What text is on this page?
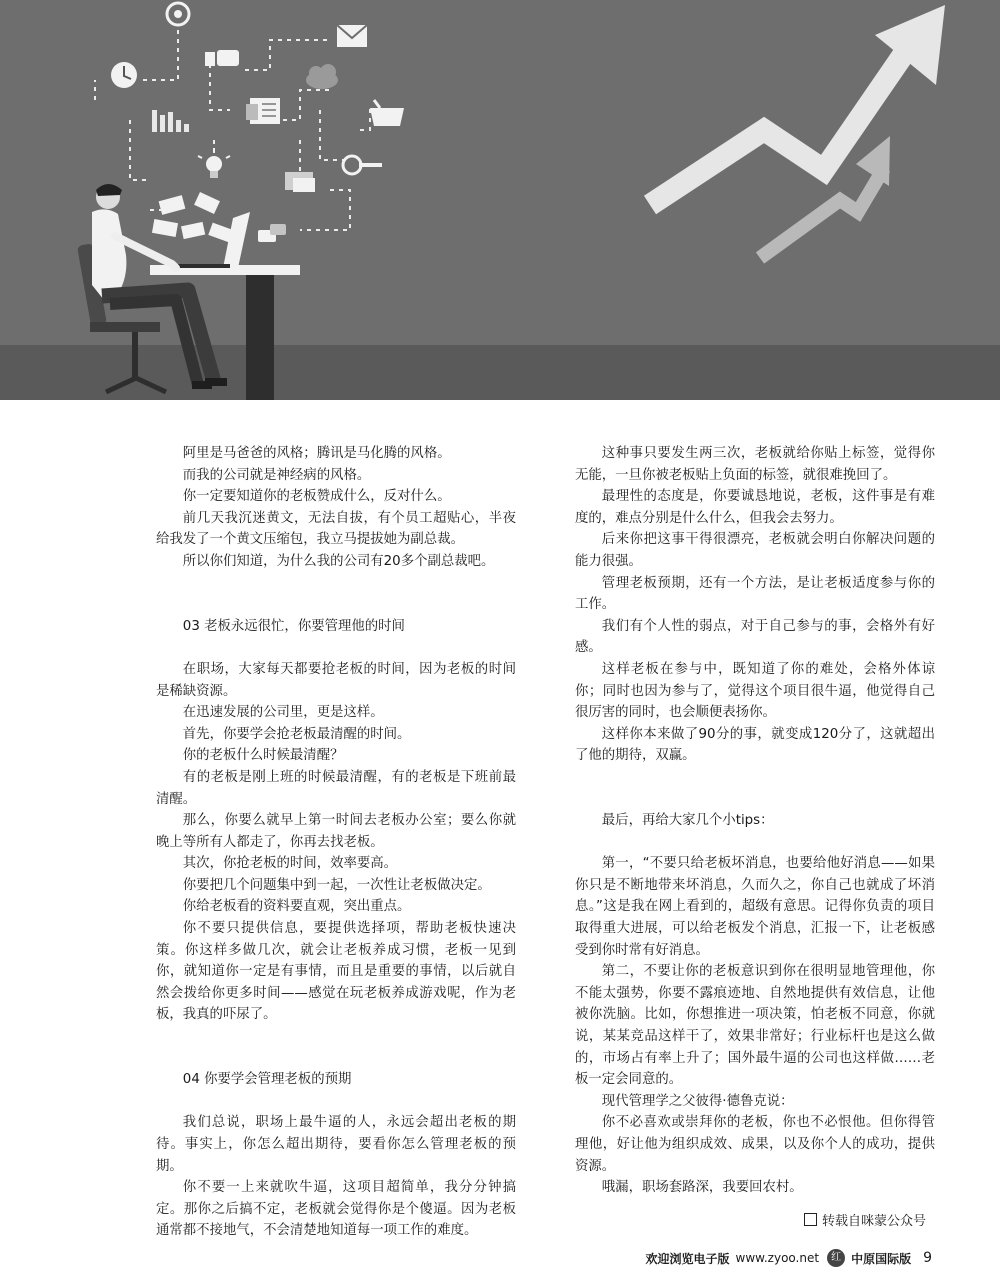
阿里是马爸爸的风格；腾讯是马化腾的风格。

而我的公司就是神经病的风格。

你一定要知道你的老板赞成什么，反对什么。

前几天我沉迷黄文，无法自拔，有个员工超贴心，半夜给我发了一个黄文压缩包，我立马提拔她为副总裁。

所以你们知道，为什么我的公司有20多个副总裁吧。

03 老板永远很忙，你要管理他的时间

在职场，大家每天都要抢老板的时间，因为老板的时间是稀缺资源。

在迅速发展的公司里，更是这样。

首先，你要学会抢老板最清醒的时间。

你的老板什么时候最清醒？

有的老板是刚上班的时候最清醒，有的老板是下班前最清醒。

那么，你要么就早上第一时间去老板办公室；要么你就晚上等所有人都走了，你再去找老板。

其次，你抢老板的时间，效率要高。

你要把几个问题集中到一起，一次性让老板做决定。

你给老板看的资料要直观，突出重点。

你不要只提供信息，要提供选择项，帮助老板快速决策。你这样多做几次，就会让老板养成习惯，老板一见到你，就知道你一定是有事情，而且是重要的事情，以后就自然会拨给你更多时间——感觉在玩老板养成游戏呢，作为老板，我真的吓尿了。

04 你要学会管理老板的预期

我们总说，职场上最牛逼的人，永远会超出老板的期待。事实上，你怎么超出期待，要看你怎么管理老板的预期。

你不要一上来就吹牛逼，这项目超简单，我分分钟搞定。那你之后搞不定，老板就会觉得你是个傻逼。因为老板通常都不接地气，不会清楚地知道每一项工作的难度。

这种事只要发生两三次，老板就给你贴上标签，觉得你无能，一旦你被老板贴上负面的标签，就很难挽回了。

最理性的态度是，你要诚恳地说，老板，这件事是有难度的，难点分别是什么什么，但我会去努力。

后来你把这事干得很漂亮，老板就会明白你解决问题的能力很强。

管理老板预期，还有一个方法，是让老板适度参与你的工作。

我们有个人性的弱点，对于自己参与的事，会格外有好感。

这样老板在参与中，既知道了你的难处，会格外体谅你；同时也因为参与了，觉得这个项目很牛逼，他觉得自己很厉害的同时，也会顺便表扬你。

这样你本来做了90分的事，就变成120分了，这就超出了他的期待，双赢。

最后，再给大家几个小tips：

第一，“不要只给老板坏消息，也要给他好消息——如果你只是不断地带来坏消息，久而久之，你自己也就成了坏消息。”这是我在网上看到的，超级有意思。记得你负责的项目取得重大进展，可以给老板发个消息，汇报一下，让老板感受到你时常有好消息。

第二，不要让你的老板意识到你在很明显地管理他，你不能太强势，你要不露痕迹地、自然地提供有效信息，让他被你洗脑。比如，你想推进一项决策，怕老板不同意，你就说，某某竞品这样干了，效果非常好；行业标杆也是这么做的，市场占有率上升了；国外最牛逼的公司也这样做……老板一定会同意的。

现代管理学之父彼得·德鲁克说：

你不必喜欢或崇拜你的老板，你也不必恨他。但你得管理他，好让他为组织成效、成果，以及你个人的成功，提供资源。

哦漏，职场套路深，我要回农村。

转载自咪蒙公众号
欢迎浏览电子版 www.zyoo.net	红 中原国际版 9
